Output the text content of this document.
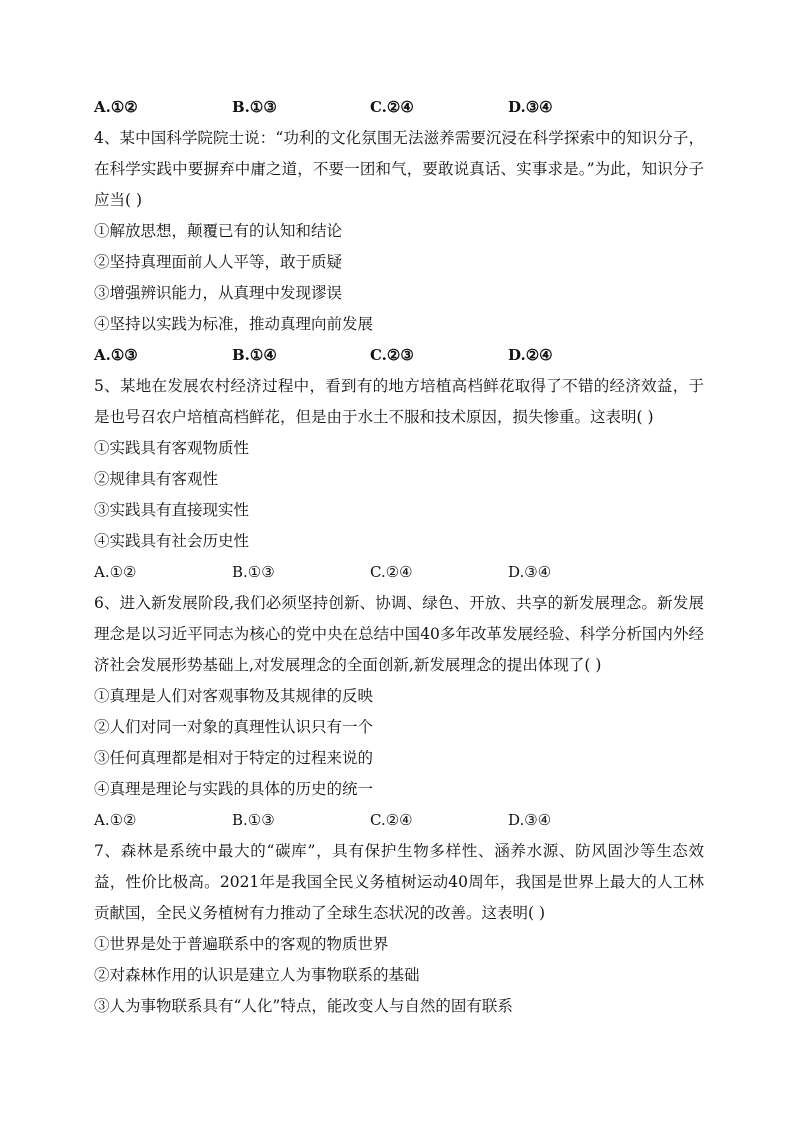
A.①②	B.①③	C.②④	D.③④
4、某中国科学院院士说：“功利的文化氛围无法滋养需要沉浸在科学探索中的知识分子，在科学实践中要摒弃中庸之道，不要一团和气，要敢说真话、实事求是。”为此，知识分子应当( )
①解放思想，颠覆已有的认知和结论
②坚持真理面前人人平等，敢于质疑
③增强辨识能力，从真理中发现谬误
④坚持以实践为标准，推动真理向前发展
A.①③	B.①④	C.②③	D.②④
5、某地在发展农村经济过程中，看到有的地方培植高档鲜花取得了不错的经济效益，于是也号召农户培植高档鲜花，但是由于水土不服和技术原因，损失惨重。这表明( )
①实践具有客观物质性
②规律具有客观性
③实践具有直接现实性
④实践具有社会历史性
A.①②	B.①③	C.②④	D.③④
6、进入新发展阶段,我们必须坚持创新、协调、绿色、开放、共享的新发展理念。新发展理念是以习近平同志为核心的党中央在总结中国40多年改革发展经验、科学分析国内外经济社会发展形势基础上,对发展理念的全面创新,新发展理念的提出体现了( )
①真理是人们对客观事物及其规律的反映
②人们对同一对象的真理性认识只有一个
③任何真理都是相对于特定的过程来说的
④真理是理论与实践的具体的历史的统一
A.①②	B.①③	C.②④	D.③④
7、森林是系统中最大的“碳库”，具有保护生物多样性、涵养水源、防风固沙等生态效益，性价比极高。2021年是我国全民义务植树运动40周年，我国是世界上最大的人工林贡献国，全民义务植树有力推动了全球生态状况的改善。这表明( )
①世界是处于普遍联系中的客观的物质世界
②对森林作用的认识是建立人为事物联系的基础
③人为事物联系具有“人化”特点，能改变人与自然的固有联系
